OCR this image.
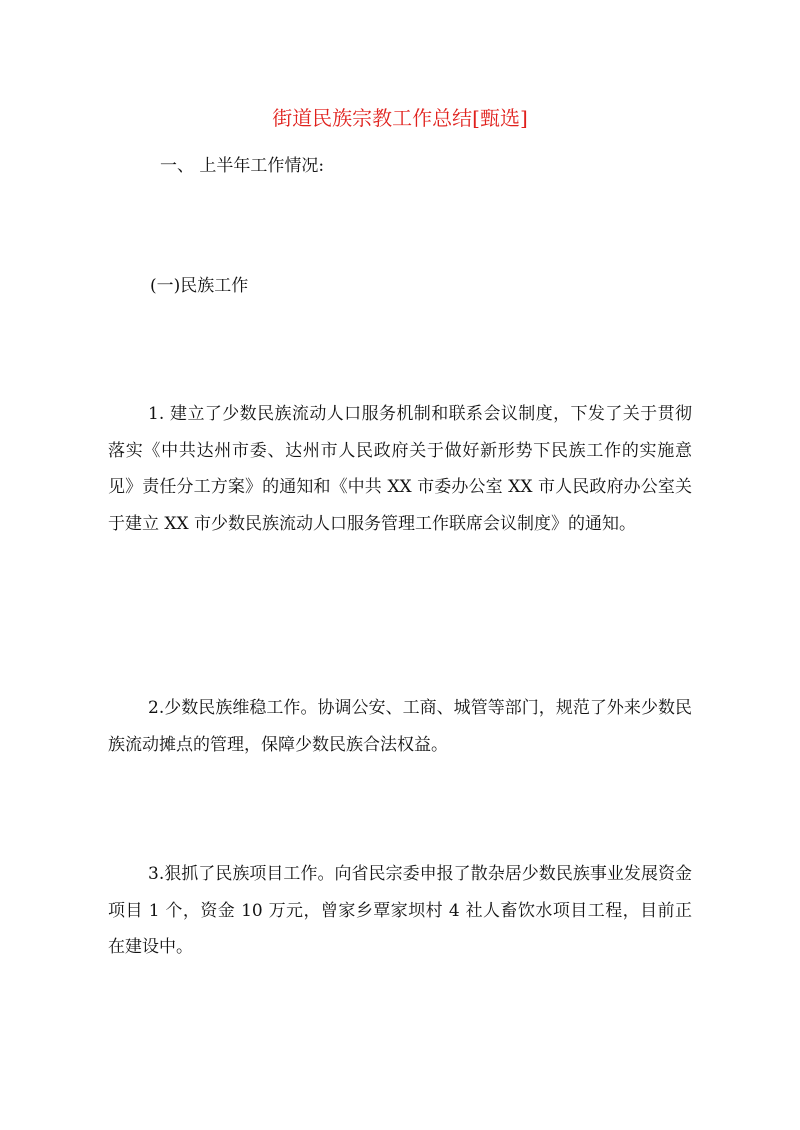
街道民族宗教工作总结[甄选]
一、 上半年工作情况:
(一)民族工作
1. 建立了少数民族流动人口服务机制和联系会议制度，下发了关于贯彻落实《中共达州市委、达州市人民政府关于做好新形势下民族工作的实施意见》责任分工方案》的通知和《中共 XX 市委办公室 XX 市人民政府办公室关于建立 XX 市少数民族流动人口服务管理工作联席会议制度》的通知。
2.少数民族维稳工作。协调公安、工商、城管等部门，规范了外来少数民族流动摊点的管理，保障少数民族合法权益。
3.狠抓了民族项目工作。向省民宗委申报了散杂居少数民族事业发展资金项目 1 个，资金 10 万元，曾家乡覃家坝村 4 社人畜饮水项目工程，目前正在建设中。
